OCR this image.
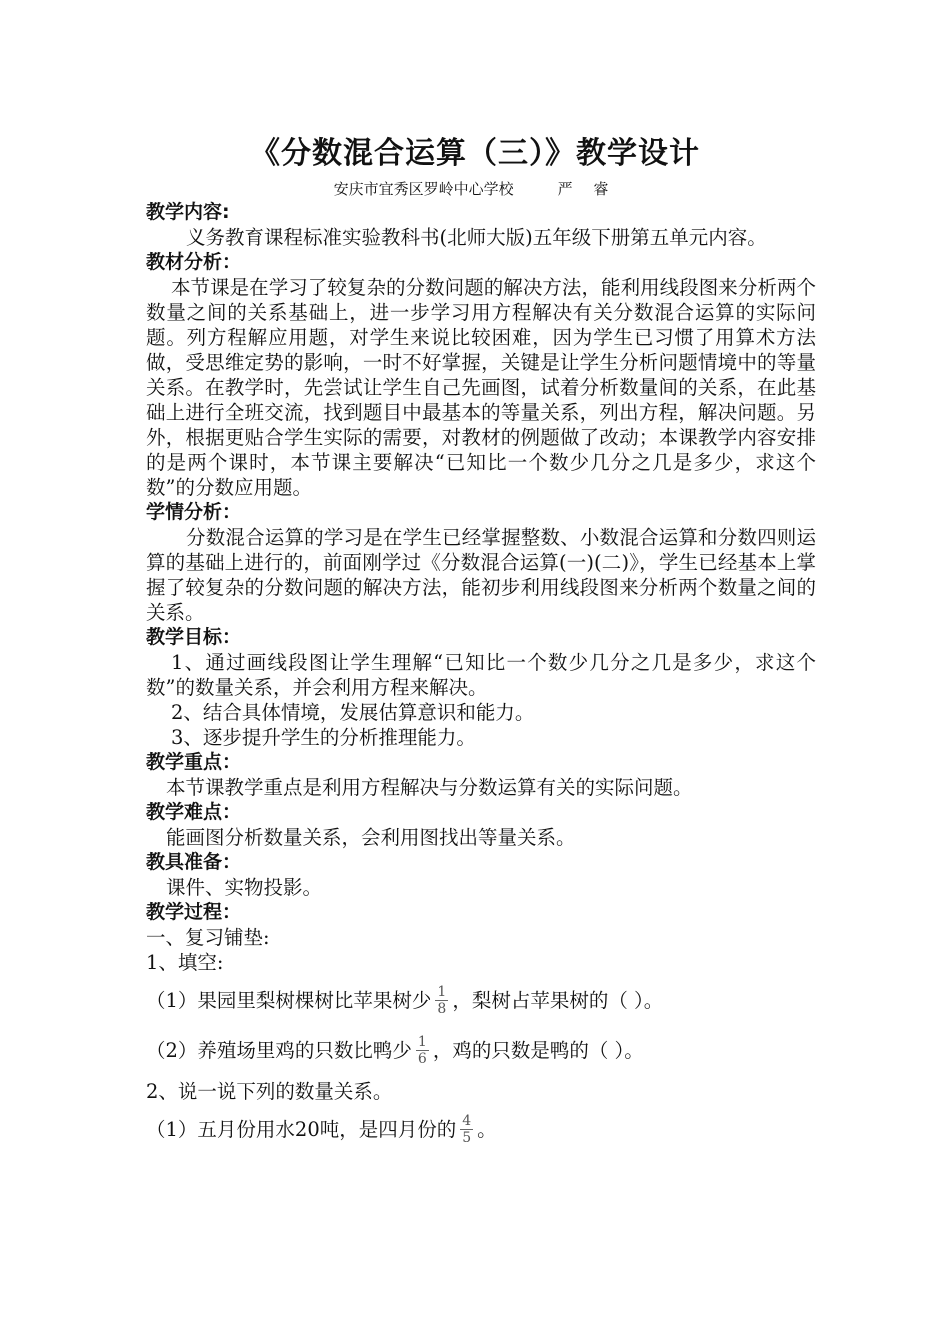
《分数混合运算（三）》教学设计
安庆市宜秀区罗岭中心学校	严 睿
教学内容:

义务教育课程标准实验教科书(北师大版)五年级下册第五单元内容。

教材分析：

本节课是在学习了较复杂的分数问题的解决方法，能利用线段图来分析两个数量之间的关系基础上，进一步学习用方程解决有关分数混合运算的实际问题。列方程解应用题，对学生来说比较困难，因为学生已习惯了用算术方法做，受思维定势的影响，一时不好掌握，关键是让学生分析问题情境中的等量关系。在教学时，先尝试让学生自己先画图，试着分析数量间的关系，在此基础上进行全班交流，找到题目中最基本的等量关系，列出方程，解决问题。另外，根据更贴合学生实际的需要，对教材的例题做了改动；本课教学内容安排的是两个课时，本节课主要解决“已知比一个数少几分之几是多少，求这个数”的分数应用题。

学情分析：

分数混合运算的学习是在学生已经掌握整数、小数混合运算和分数四则运算的基础上进行的，前面刚学过《分数混合运算(一)(二)》，学生已经基本上掌握了较复杂的分数问题的解决方法，能初步利用线段图来分析两个数量之间的关系。

教学目标：

1、通过画线段图让学生理解“已知比一个数少几分之几是多少，求这个数”的数量关系，并会利用方程来解决。

2、结合具体情境，发展估算意识和能力。

3、逐步提升学生的分析推理能力。

教学重点：

本节课教学重点是利用方程解决与分数运算有关的实际问题。

教学难点：

能画图分析数量关系，会利用图找出等量关系。

教具准备：

课件、实物投影。

教学过程：
一、复习铺垫:
1、填空:
（1）果园里梨树棵树比苹果树少 $\frac{1}{8}$ ，梨树占苹果树的（ ）。
（2）养殖场里鸡的只数比鸭少 $\frac{1}{6}$ ，鸡的只数是鸭的（ ）。
2、说一说下列的数量关系。
（1）五月份用水20吨，是四月份的 $\frac{4}{5}$ 。
